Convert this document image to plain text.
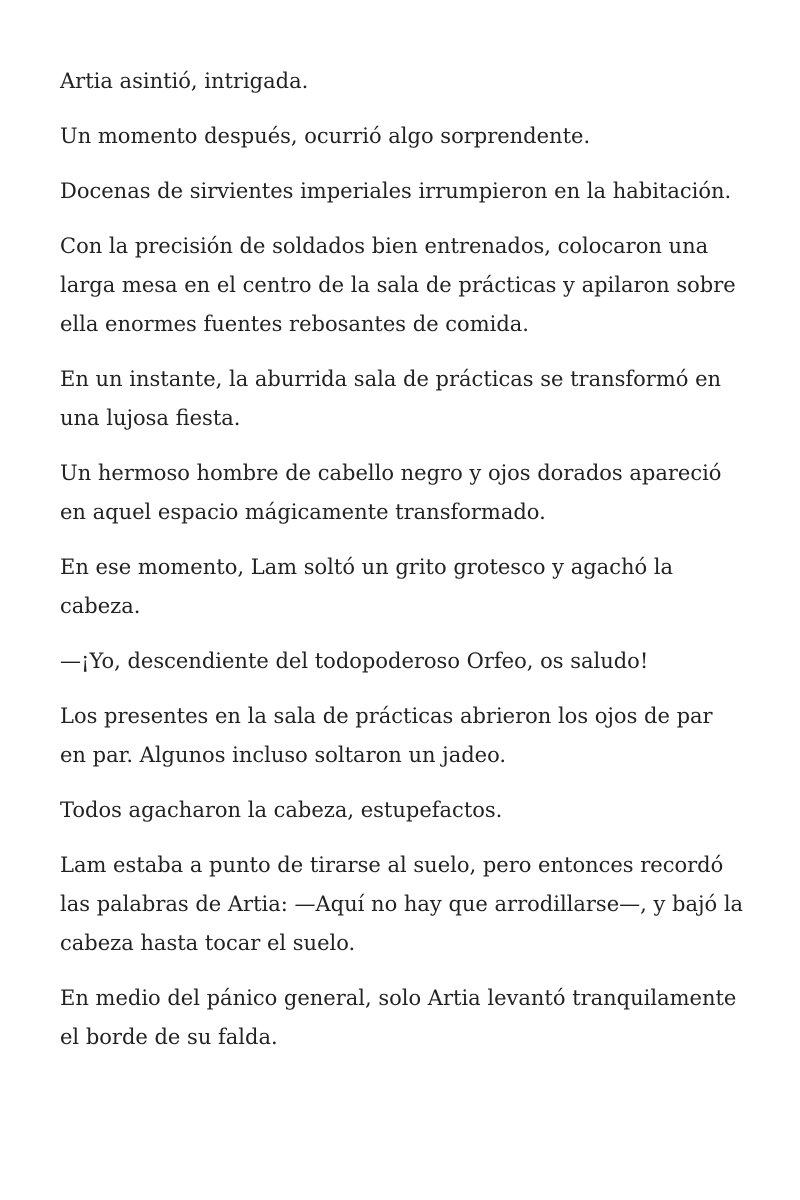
Artia asintió, intrigada.

Un momento después, ocurrió algo sorprendente.

Docenas de sirvientes imperiales irrumpieron en la habitación.

Con la precisión de soldados bien entrenados, colocaron una larga mesa en el centro de la sala de prácticas y apilaron sobre ella enormes fuentes rebosantes de comida.

En un instante, la aburrida sala de prácticas se transformó en una lujosa fiesta.

Un hermoso hombre de cabello negro y ojos dorados apareció en aquel espacio mágicamente transformado.

En ese momento, Lam soltó un grito grotesco y agachó la cabeza.

—¡Yo, descendiente del todopoderoso Orfeo, os saludo!

Los presentes en la sala de prácticas abrieron los ojos de par en par. Algunos incluso soltaron un jadeo.

Todos agacharon la cabeza, estupefactos.

Lam estaba a punto de tirarse al suelo, pero entonces recordó las palabras de Artia: —Aquí no hay que arrodillarse—, y bajó la cabeza hasta tocar el suelo.

En medio del pánico general, solo Artia levantó tranquilamente el borde de su falda.
